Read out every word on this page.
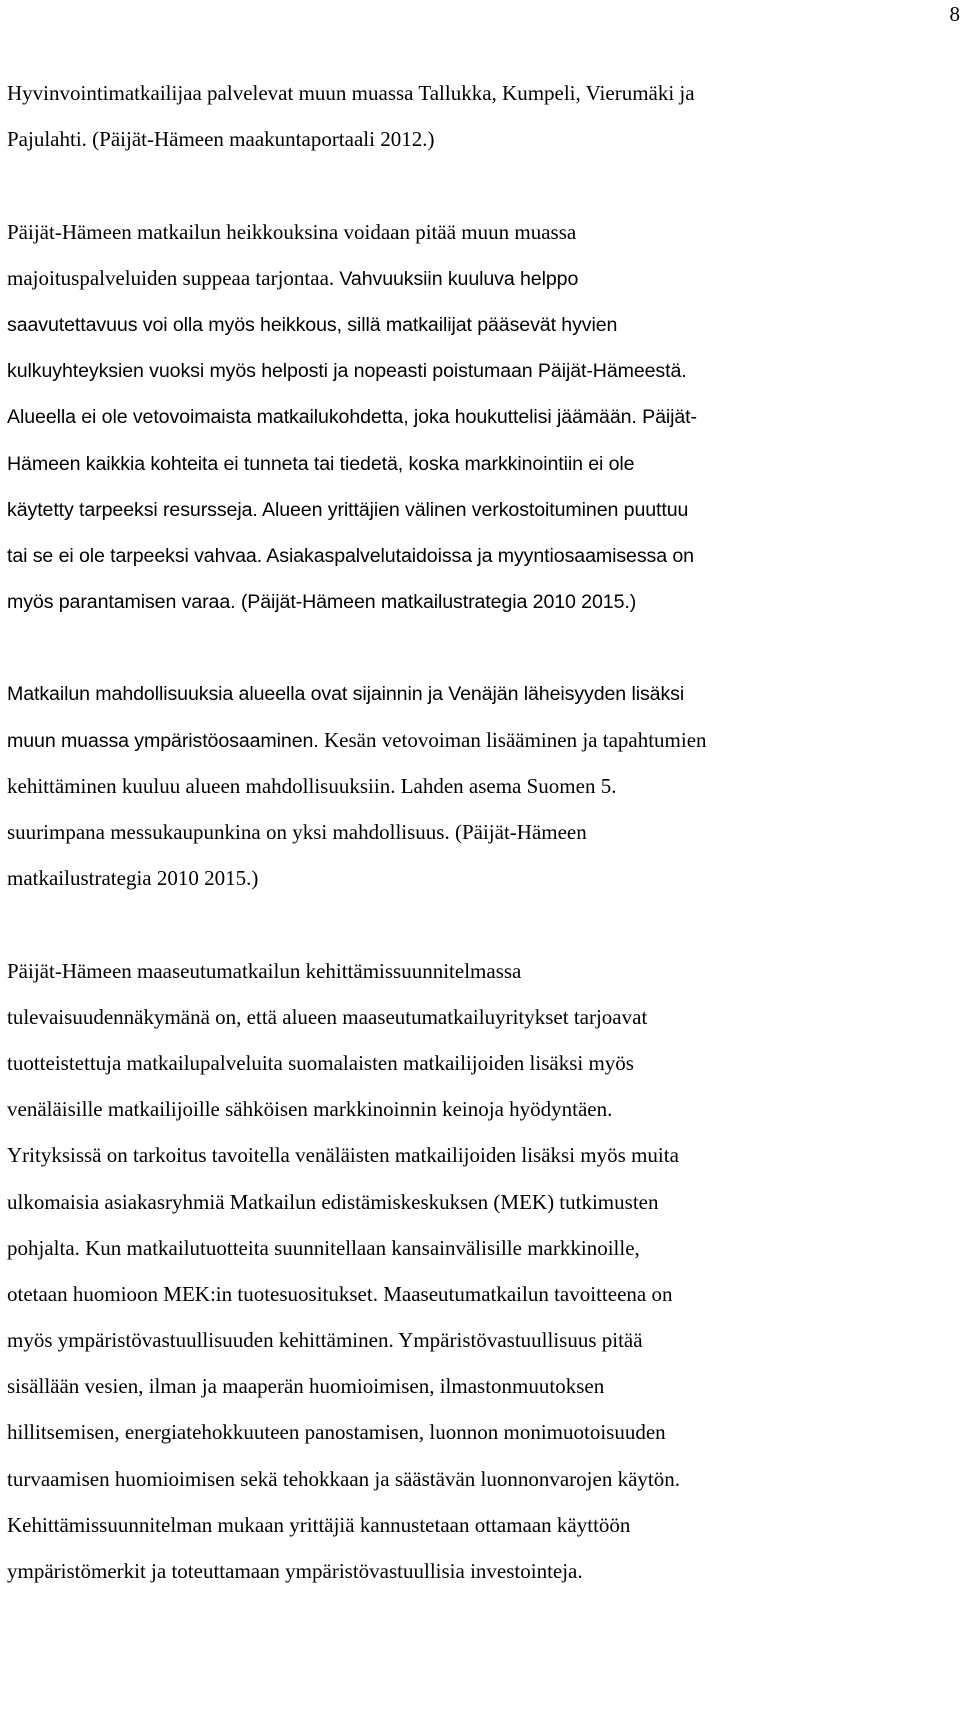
8
Hyvinvointimatkailijaa palvelevat muun muassa Tallukka, Kumpeli, Vierumäki ja
Pajulahti. (Päijät-Hämeen maakuntaportaali 2012.)
Päijät-Hämeen matkailun heikkouksina voidaan pitää muun muassa
majoituspalveluiden suppeaa tarjontaa. Vahvuuksiin kuuluva helppo
saavutettavuus voi olla myös heikkous, sillä matkailijat pääsevät hyvien
kulkuyhteyksien vuoksi myös helposti ja nopeasti poistumaan Päijät-Hämeestä.
Alueella ei ole vetovoimaista matkailukohdetta, joka houkuttelisi jäämään. Päijät-
Hämeen kaikkia kohteita ei tunneta tai tiedetä, koska markkinointiin ei ole
käytetty tarpeeksi resursseja. Alueen yrittäjien välinen verkostoituminen puuttuu
tai se ei ole tarpeeksi vahvaa. Asiakaspalvelutaidoissa ja myyntiosaamisessa on
myös parantamisen varaa. (Päijät-Hämeen matkailustrategia 2010 2015.)
Matkailun mahdollisuuksia alueella ovat sijainnin ja Venäjän läheisyyden lisäksi
muun muassa ympäristöosaaminen. Kesän vetovoiman lisääminen ja tapahtumien
kehittäminen kuuluu alueen mahdollisuuksiin. Lahden asema Suomen 5.
suurimpana messukaupunkina on yksi mahdollisuus. (Päijät-Hämeen
matkailustrategia 2010 2015.)
Päijät-Hämeen maaseutumatkailun kehittämissuunnitelmassa
tulevaisuudennäkymänä on, että alueen maaseutumatkailuyritykset tarjoavat
tuotteistettuja matkailupalveluita suomalaisten matkailijoiden lisäksi myös
venäläisille matkailijoille sähköisen markkinoinnin keinoja hyödyntäen.
Yrityksissä on tarkoitus tavoitella venäläisten matkailijoiden lisäksi myös muita
ulkomaisia asiakasryhmiä Matkailun edistämiskeskuksen (MEK) tutkimusten
pohjalta. Kun matkailutuotteita suunnitellaan kansainvälisille markkinoille,
otetaan huomioon MEK:in tuotesuositukset. Maaseutumatkailun tavoitteena on
myös ympäristövastuullisuuden kehittäminen. Ympäristövastuullisuus pitää
sisällään vesien, ilman ja maaperän huomioimisen, ilmastonmuutoksen
hillitsemisen, energiatehokkuuteen panostamisen, luonnon monimuotoisuuden
turvaamisen huomioimisen sekä tehokkaan ja säästävän luonnonvarojen käytön.
Kehittämissuunnitelman mukaan yrittäjiä kannustetaan ottamaan käyttöön
ympäristömerkit ja toteuttamaan ympäristövastuullisia investointeja.
